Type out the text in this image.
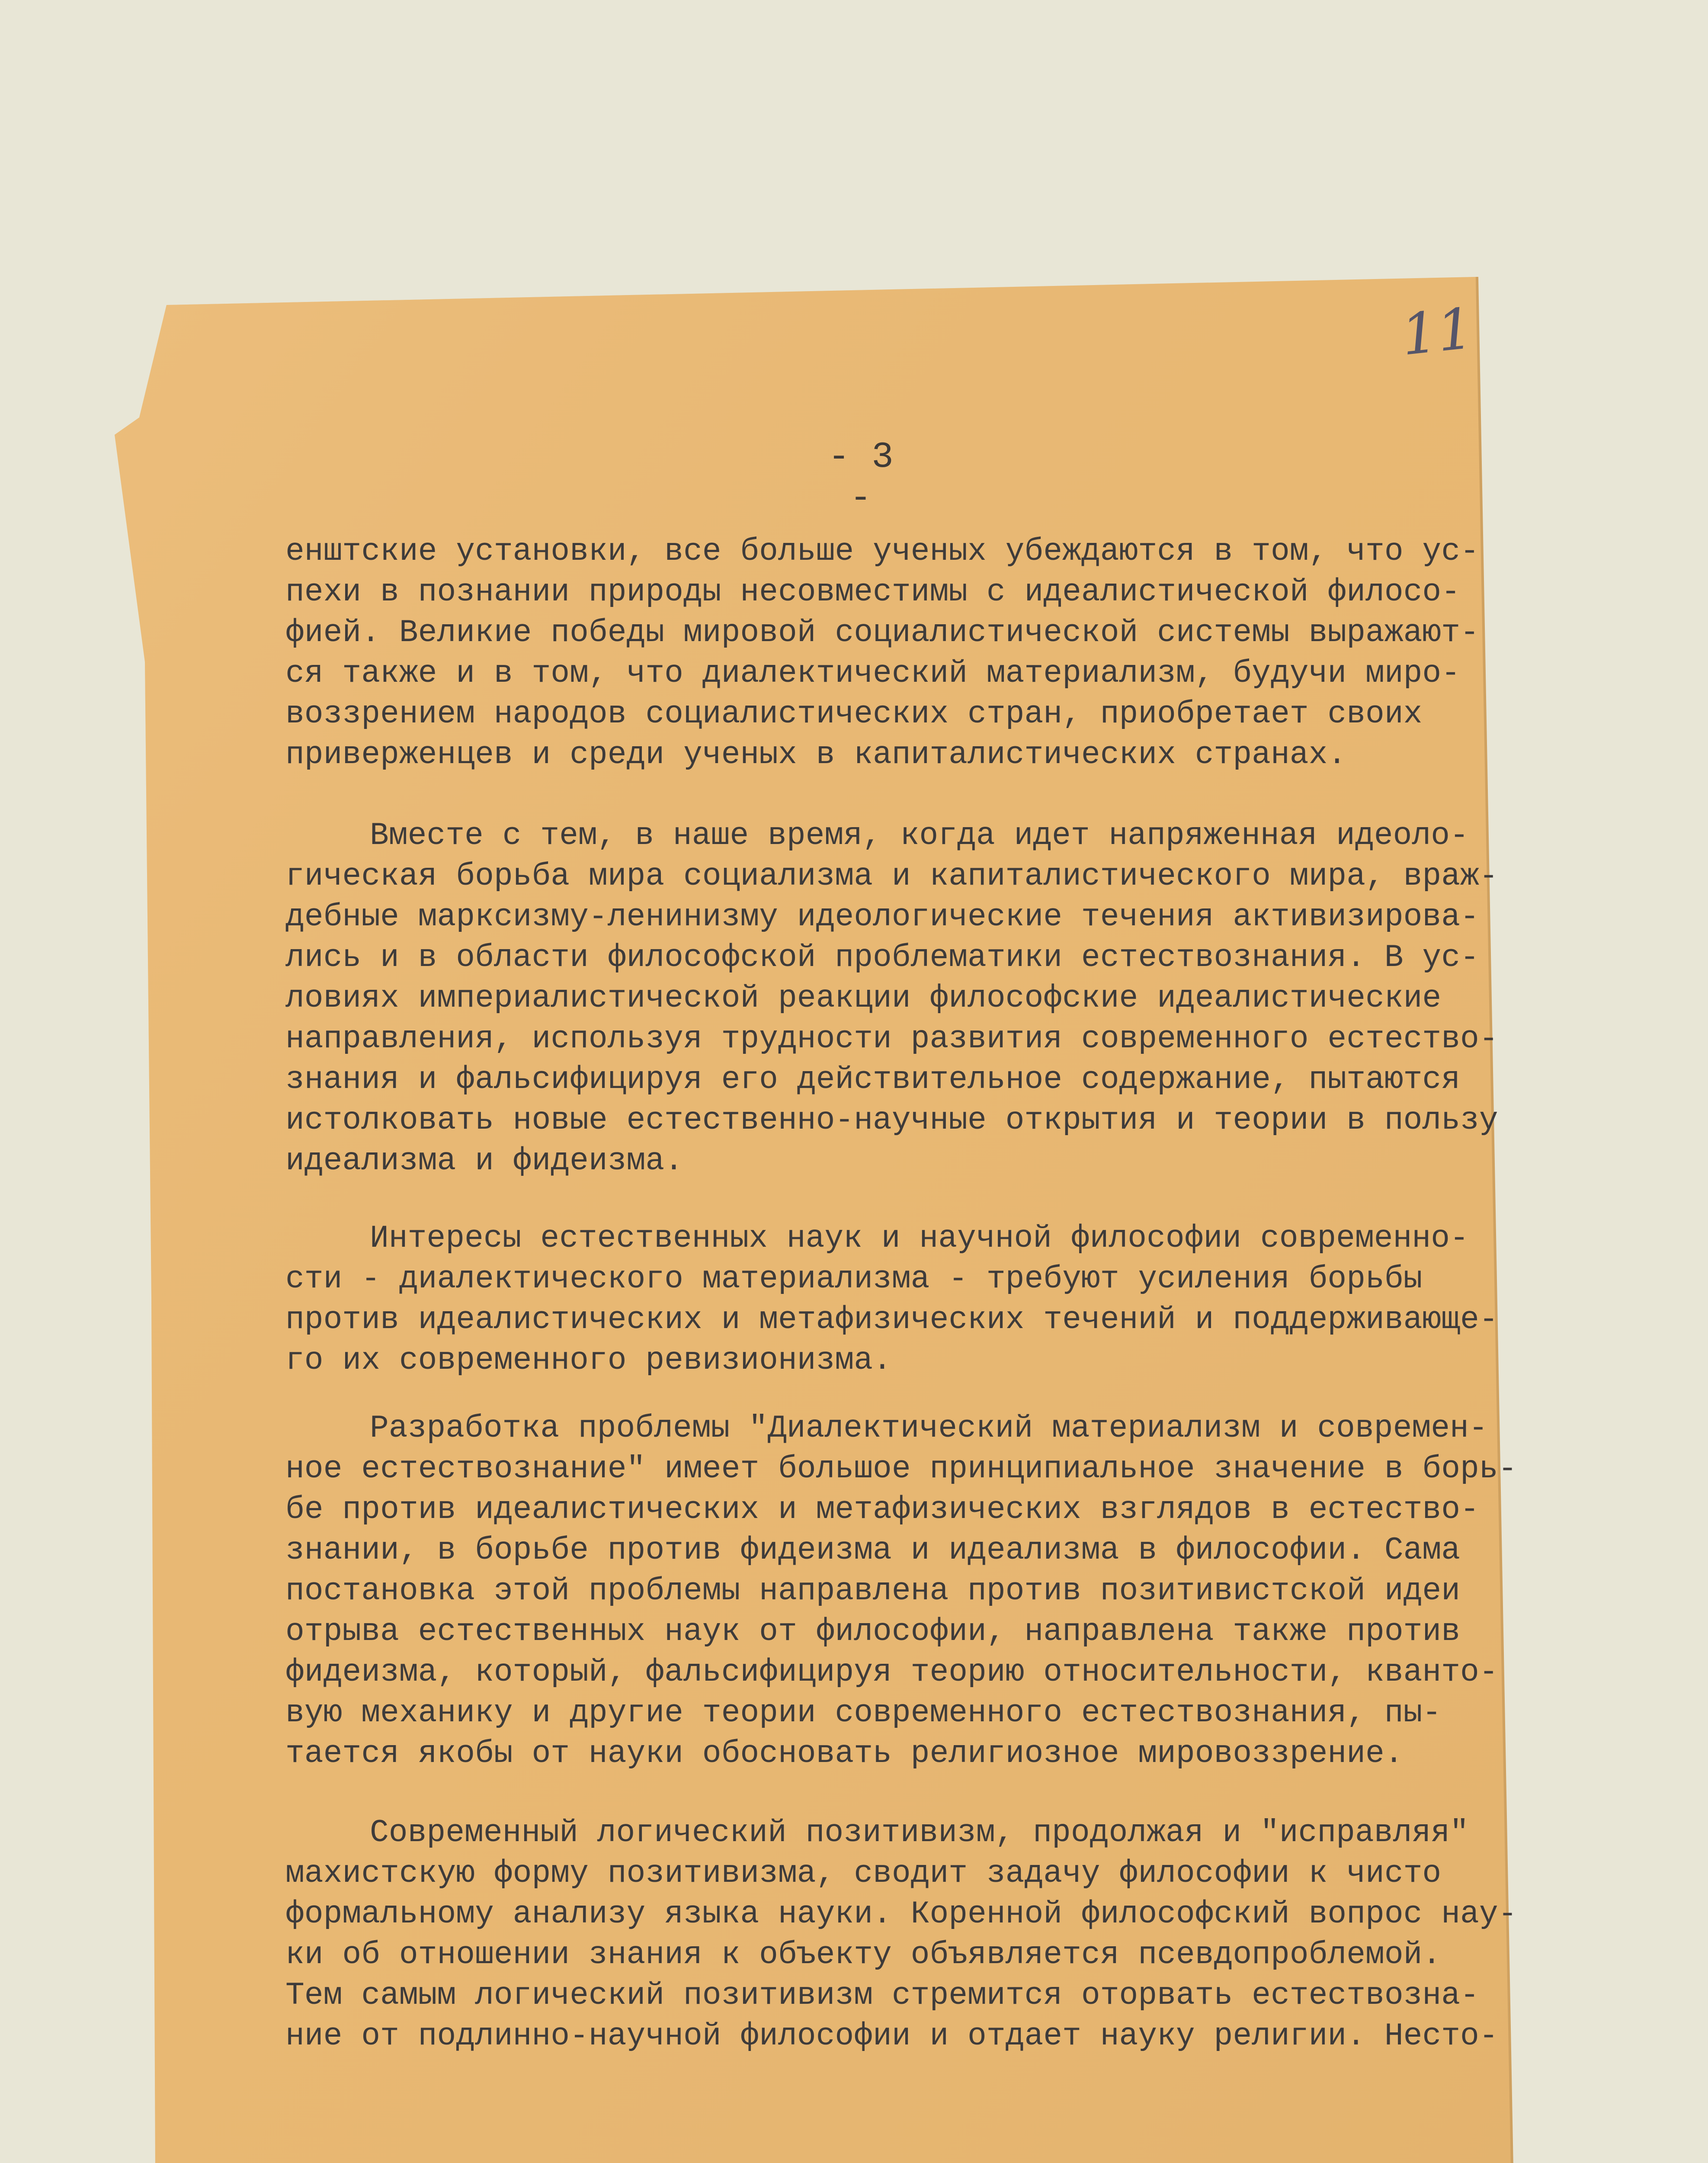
11
- 3 -
енштские установки, все больше ученых убеждаются в том, что ус-
пехи в познании природы несовместимы с идеалистической филосо-
фией. Великие победы мировой социалистической системы выражают-
ся также и в том, что диалектический материализм, будучи миро-
воззрением народов социалистических стран, приобретает своих
приверженцев и среди ученых в капиталистических странах.
Вместе с тем, в наше время, когда идет напряженная идеоло-
гическая борьба мира социализма и капиталистического мира, враж-
дебные марксизму-ленинизму идеологические течения активизирова-
лись и в области философской проблематики естествознания. В ус-
ловиях империалистической реакции философские идеалистические
направления, используя трудности развития современного естество-
знания и фальсифицируя его действительное содержание, пытаются
истолковать новые естественно-научные открытия и теории в пользу
идеализма и фидеизма.
Интересы естественных наук и научной философии современно-
сти - диалектического материализма - требуют усиления борьбы
против идеалистических и метафизических течений и поддерживающе-
го их современного ревизионизма.
Разработка проблемы "Диалектический материализм и современ-
ное естествознание" имеет большое принципиальное значение в борь-
бе против идеалистических и метафизических взглядов в естество-
знании, в борьбе против фидеизма и идеализма в философии. Сама
постановка этой проблемы направлена против позитивистской идеи
отрыва естественных наук от философии, направлена также против
фидеизма, который, фальсифицируя теорию относительности, кванто-
вую механику и другие теории современного естествознания, пы-
тается якобы от науки обосновать религиозное мировоззрение.
Современный логический позитивизм, продолжая и "исправляя"
махистскую форму позитивизма, сводит задачу философии к чисто
формальному анализу языка науки. Коренной философский вопрос нау-
ки об отношении знания к объекту объявляется псевдопроблемой.
Тем самым логический позитивизм стремится оторвать естествозна-
ние от подлинно-научной философии и отдает науку религии. Несто-
